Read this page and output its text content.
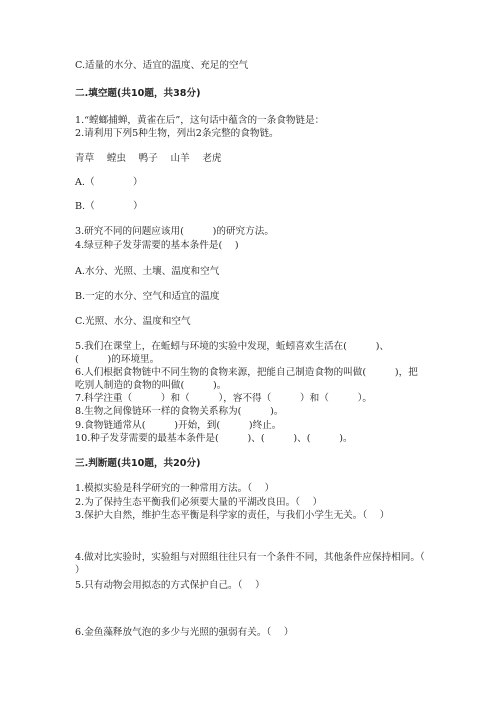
C.适量的水分、适宜的温度、充足的空气
二.填空题(共10题，共38分)
1.“螳螂捕蝉，黄雀在后”，这句话中蕴含的一条食物链是：
2.请利用下列5种生物，列出2条完整的食物链。
青草　 螳虫　 鸭子　 山羊　 老虎
A.（　　　　）
B.（　　　　）
3.研究不同的问题应该用(　　　)的研究方法。
4.绿豆种子发芽需要的基本条件是(　 )
A.水分、光照、土壤、温度和空气
B.一定的水分、空气和适宜的温度
C.光照、水分、温度和空气
5.我们在课堂上，在蚯蚓与环境的实验中发现，蚯蚓喜欢生活在(　　　)、(　　　)的环境里。
6.人们根据食物链中不同生物的食物来源，把能自己制造食物的叫做(　　　)，把吃别人制造的食物的叫做(　　　)。
7.科学注重（　　　）和（　　　），容不得（　　　）和（　　　）。
8.生物之间像链环一样的食物关系称为(　　　)。
9.食物链通常从(　　　)开始，到(　　　)终止。
10.种子发芽需要的最基本条件是(　　　)、(　　　)、(　　　)。
三.判断题(共10题，共20分)
1.模拟实验是科学研究的一种常用方法。（　 ）
2.为了保持生态平衡我们必须要大量的平湖改良田。（　 ）
3.保护大自然，维护生态平衡是科学家的责任，与我们小学生无关。（　 ）
4.做对比实验时，实验组与对照组往往只有一个条件不同，其他条件应保持相同。（　 ）
5.只有动物会用拟态的方式保护自己。（　 ）
6.金鱼藻释放气泡的多少与光照的强弱有关。（　 ）
